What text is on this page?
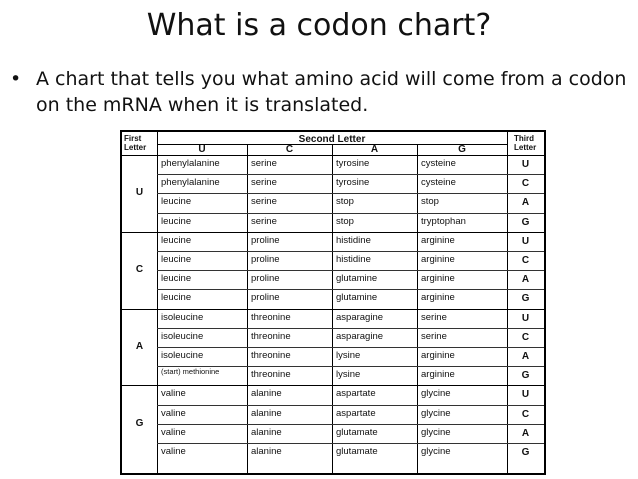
What is a codon chart?
• A chart that tells you what amino acid will come from a codon on the mRNA when it is translated.
First Letter
Second Letter	Third Letter
U	C	A	G
U
phenylalanine	serine	tyrosine	cysteine	U
phenylalanine	serine	tyrosine	cysteine	C
leucine	serine	stop	stop	A
leucine	serine	stop	tryptophan	G
C
leucine	proline	histidine	arginine	U
leucine	proline	histidine	arginine	C
leucine	proline	glutamine	arginine	A
leucine	proline	glutamine	arginine	G
A
isoleucine	threonine	asparagine	serine	U
isoleucine	threonine	asparagine	serine	C
isoleucine	threonine	lysine	arginine	A
(start) methionine	threonine	lysine	arginine	G
G
valine	alanine	aspartate	glycine	U
valine	alanine	aspartate	glycine	C
valine	alanine	glutamate	glycine	A
valine	alanine	glutamate	glycine	G
